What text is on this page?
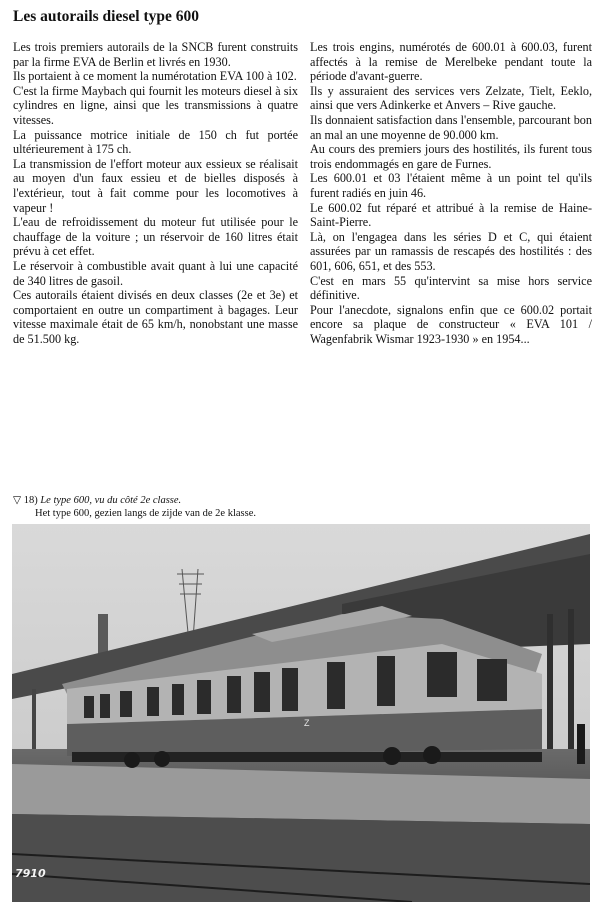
Les autorails diesel type 600

Les trois premiers autorails de la SNCB furent construits par la firme EVA de Berlin et livrés en 1930.

Ils portaient à ce moment la numérotation EVA 100 à 102.

C'est la firme Maybach qui fournit les moteurs diesel à six cylindres en ligne, ainsi que les transmissions à quatre vitesses.

La puissance motrice initiale de 150 ch fut portée ultérieurement à 175 ch.

La transmission de l'effort moteur aux essieux se réalisait au moyen d'un faux essieu et de bielles disposés à l'extérieur, tout à fait comme pour les locomotives à vapeur !

L'eau de refroidissement du moteur fut utilisée pour le chauffage de la voiture ; un réservoir de 160 litres était prévu à cet effet.

Le réservoir à combustible avait quant à lui une capacité de 340 litres de gasoil.

Ces autorails étaient divisés en deux classes (2e et 3e) et comportaient en outre un compartiment à bagages. Leur vitesse maximale était de 65 km/h, nonobstant une masse de 51.500 kg.

Les trois engins, numérotés de 600.01 à 600.03, furent affectés à la remise de Merelbeke pendant toute la période d'avant-guerre.

Ils y assuraient des services vers Zelzate, Tielt, Eeklo, ainsi que vers Adinkerke et Anvers – Rive gauche.

Ils donnaient satisfaction dans l'ensemble, parcourant bon an mal an une moyenne de 90.000 km.

Au cours des premiers jours des hostilités, ils furent tous trois endommagés en gare de Furnes.

Les 600.01 et 03 l'étaient même à un point tel qu'ils furent radiés en juin 46.

Le 600.02 fut réparé et attribué à la remise de Haine-Saint-Pierre.

Là, on l'engagea dans les séries D et C, qui étaient assurées par un ramassis de rescapés des hostilités : des 601, 606, 651, et des 553.

C'est en mars 55 qu'intervint sa mise hors service définitive.

Pour l'anecdote, signalons enfin que ce 600.02 portait encore sa plaque de constructeur « EVA 101 / Wagenfabrik Wismar 1923-1930 » en 1954...

▽ 18) Le type 600, vu du côté 2e classe.
Het type 600, gezien langs de zijde van de 2e klasse.
Z
7910
